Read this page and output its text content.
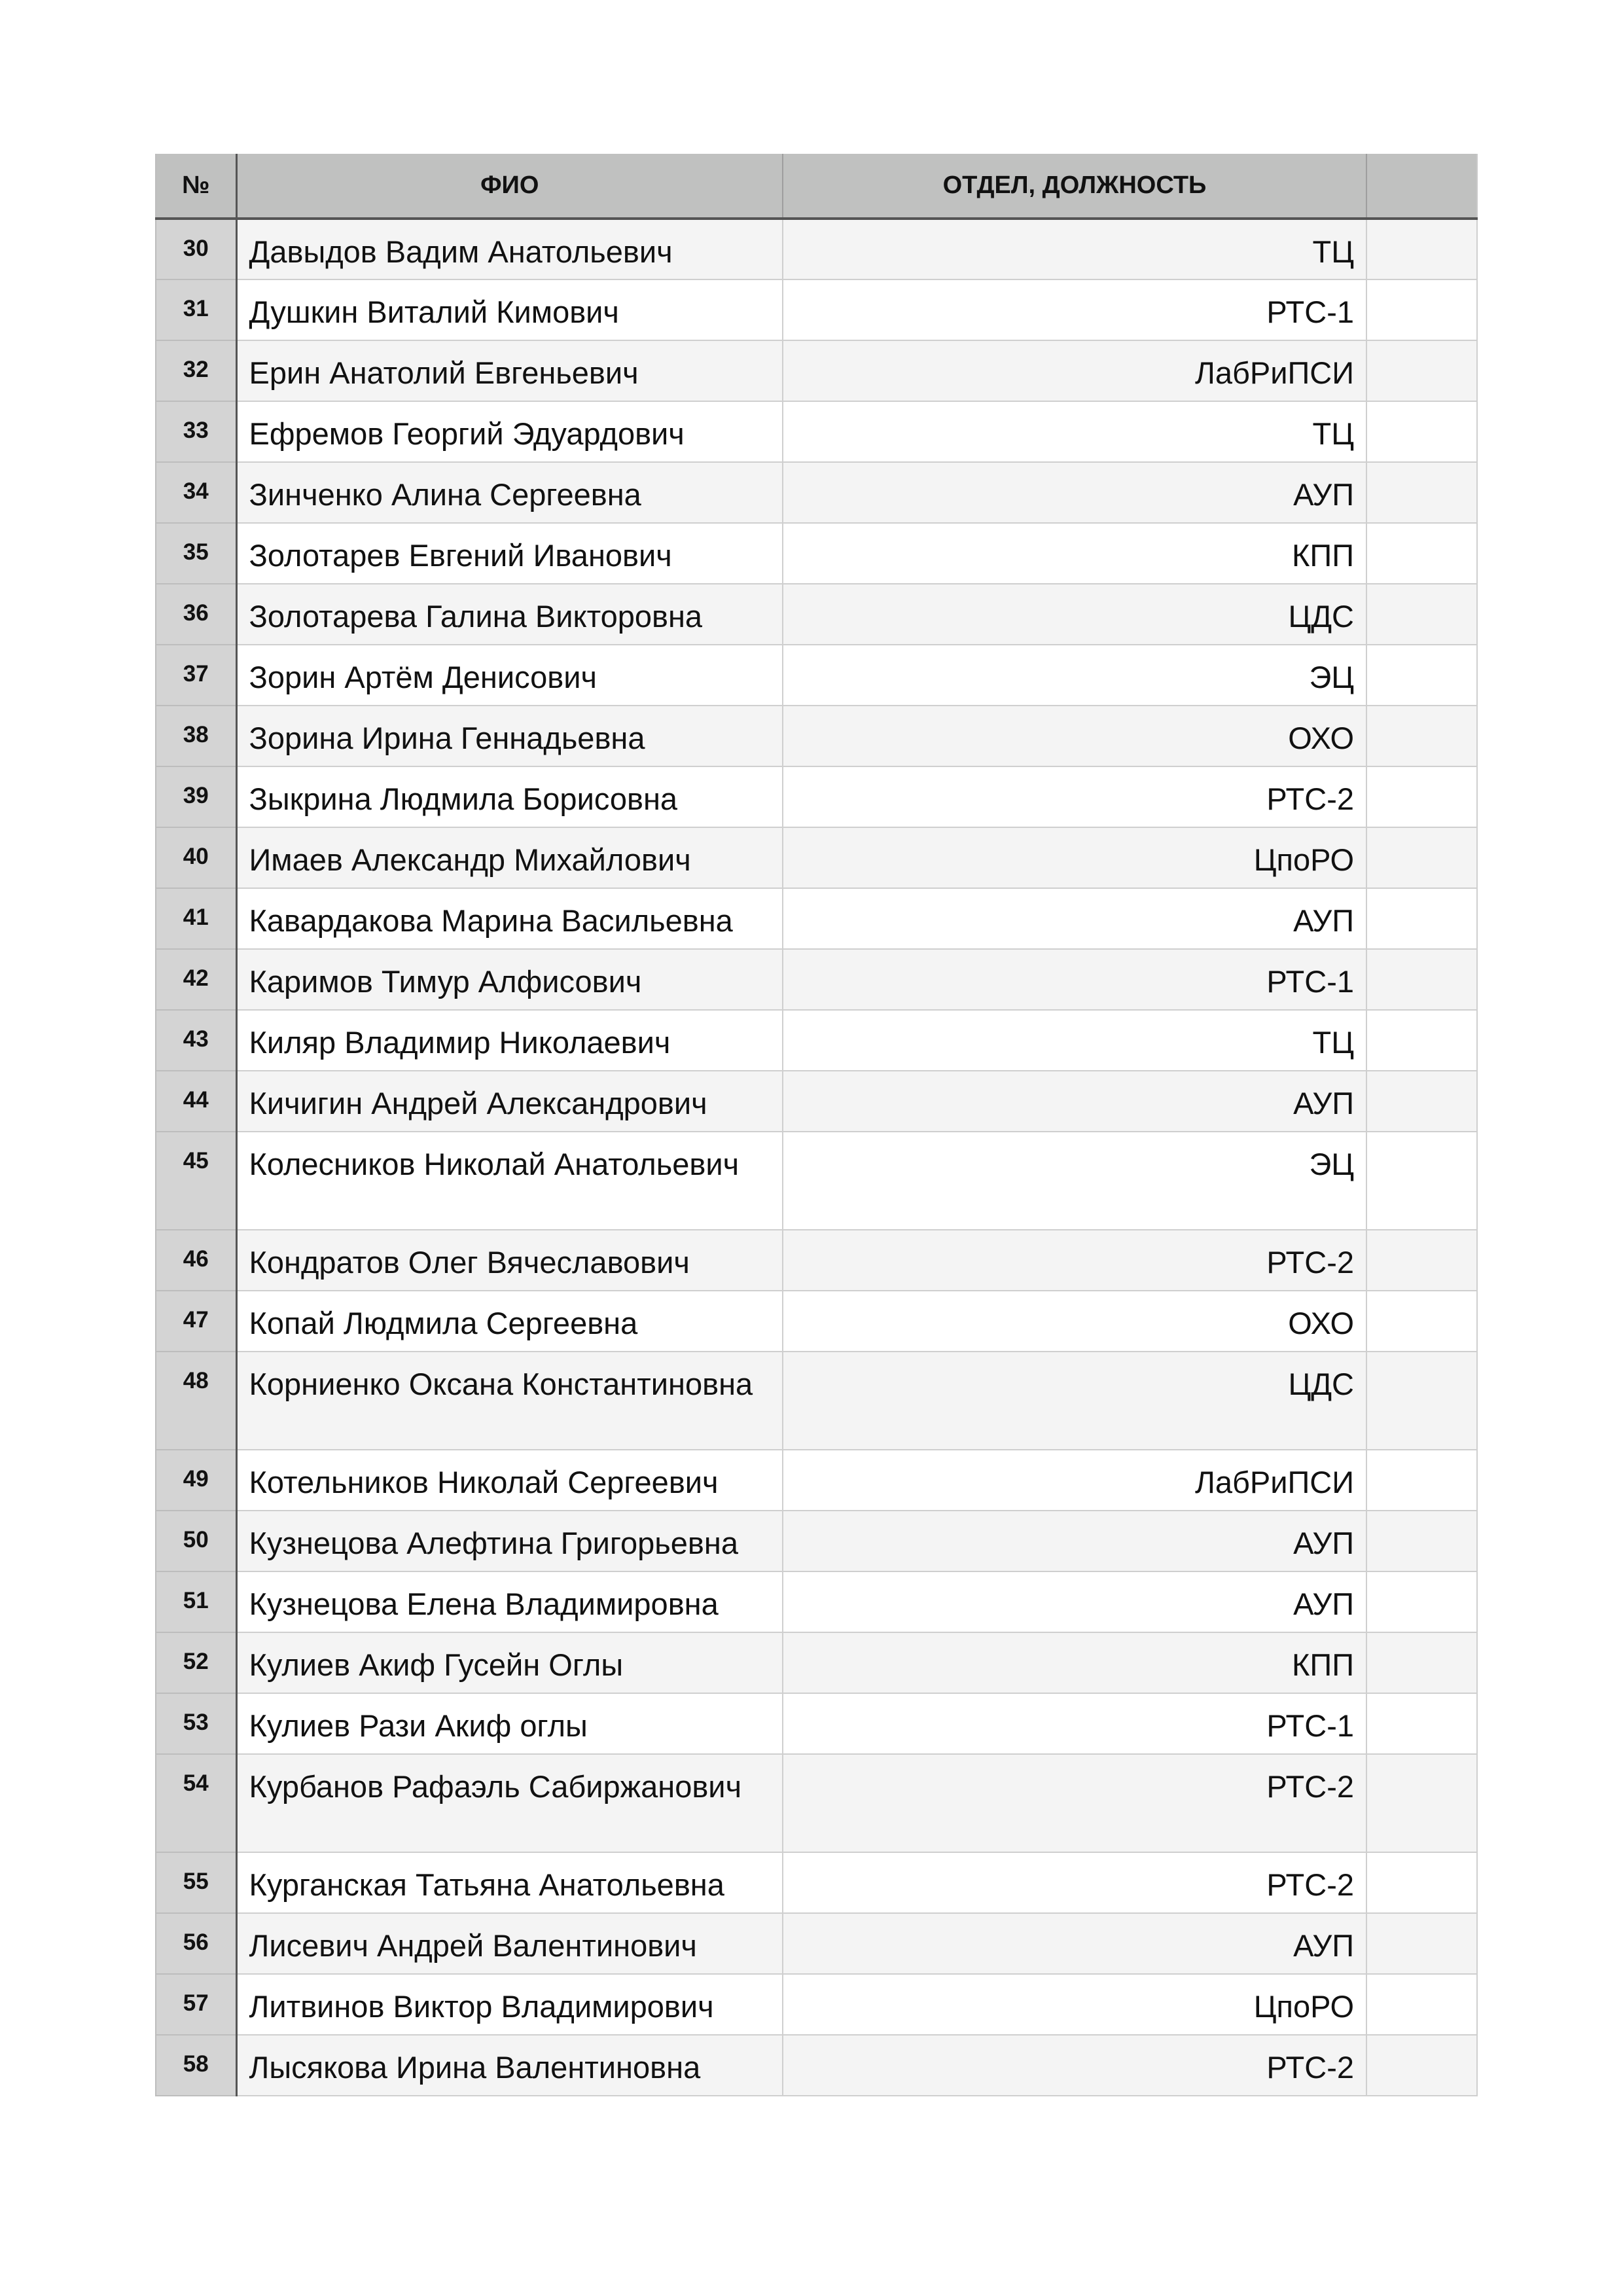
№	ФИО	ОТДЕЛ, ДОЛЖНОСТЬ	
30	Давыдов Вадим Анатольевич	ТЦ	
31	Душкин Виталий Кимович	РТС-1	
32	Ерин Анатолий Евгеньевич	ЛабРиПСИ	
33	Ефремов Георгий Эдуардович	ТЦ	
34	Зинченко Алина Сергеевна	АУП	
35	Золотарев Евгений Иванович	КПП	
36	Золотарева Галина Викторовна	ЦДС	
37	Зорин Артём Денисович	ЭЦ	
38	Зорина Ирина Геннадьевна	ОХО	
39	Зыкрина Людмила Борисовна	РТС-2	
40	Имаев Александр Михайлович	ЦпоРО	
41	Кавардакова Марина Васильевна	АУП	
42	Каримов Тимур Алфисович	РТС-1	
43	Киляр Владимир Николаевич	ТЦ	
44	Кичигин Андрей Александрович	АУП	
45	Колесников Николай Анатольевич	ЭЦ	
46	Кондратов Олег Вячеславович	РТС-2	
47	Копай Людмила Сергеевна	ОХО	
48	Корниенко Оксана Константиновна	ЦДС	
49	Котельников Николай Сергеевич	ЛабРиПСИ	
50	Кузнецова Алефтина Григорьевна	АУП	
51	Кузнецова Елена Владимировна	АУП	
52	Кулиев Акиф Гусейн Оглы	КПП	
53	Кулиев Рази Акиф оглы	РТС-1	
54	Курбанов Рафаэль Сабиржанович	РТС-2	
55	Курганская Татьяна Анатольевна	РТС-2	
56	Лисевич Андрей Валентинович	АУП	
57	Литвинов Виктор Владимирович	ЦпоРО	
58	Лысякова Ирина Валентиновна	РТС-2	
